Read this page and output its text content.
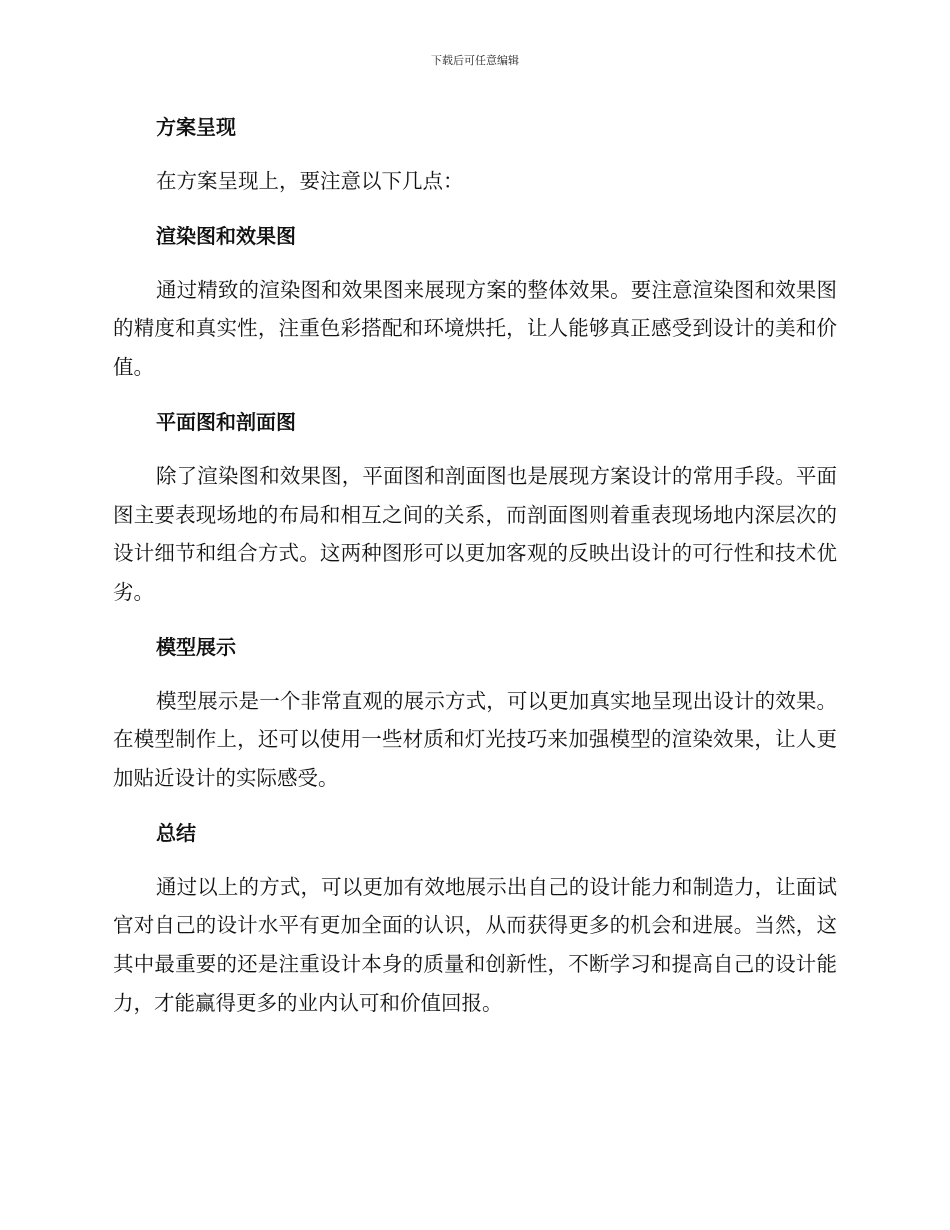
下载后可任意编辑
方案呈现

在方案呈现上，要注意以下几点：

渲染图和效果图

通过精致的渲染图和效果图来展现方案的整体效果。要注意渲染图和效果图的精度和真实性，注重色彩搭配和环境烘托，让人能够真正感受到设计的美和价值。

平面图和剖面图

除了渲染图和效果图，平面图和剖面图也是展现方案设计的常用手段。平面图主要表现场地的布局和相互之间的关系，而剖面图则着重表现场地内深层次的设计细节和组合方式。这两种图形可以更加客观的反映出设计的可行性和技术优劣。

模型展示

模型展示是一个非常直观的展示方式，可以更加真实地呈现出设计的效果。在模型制作上，还可以使用一些材质和灯光技巧来加强模型的渲染效果，让人更加贴近设计的实际感受。

总结

通过以上的方式，可以更加有效地展示出自己的设计能力和制造力，让面试官对自己的设计水平有更加全面的认识，从而获得更多的机会和进展。当然，这其中最重要的还是注重设计本身的质量和创新性，不断学习和提高自己的设计能力，才能赢得更多的业内认可和价值回报。
